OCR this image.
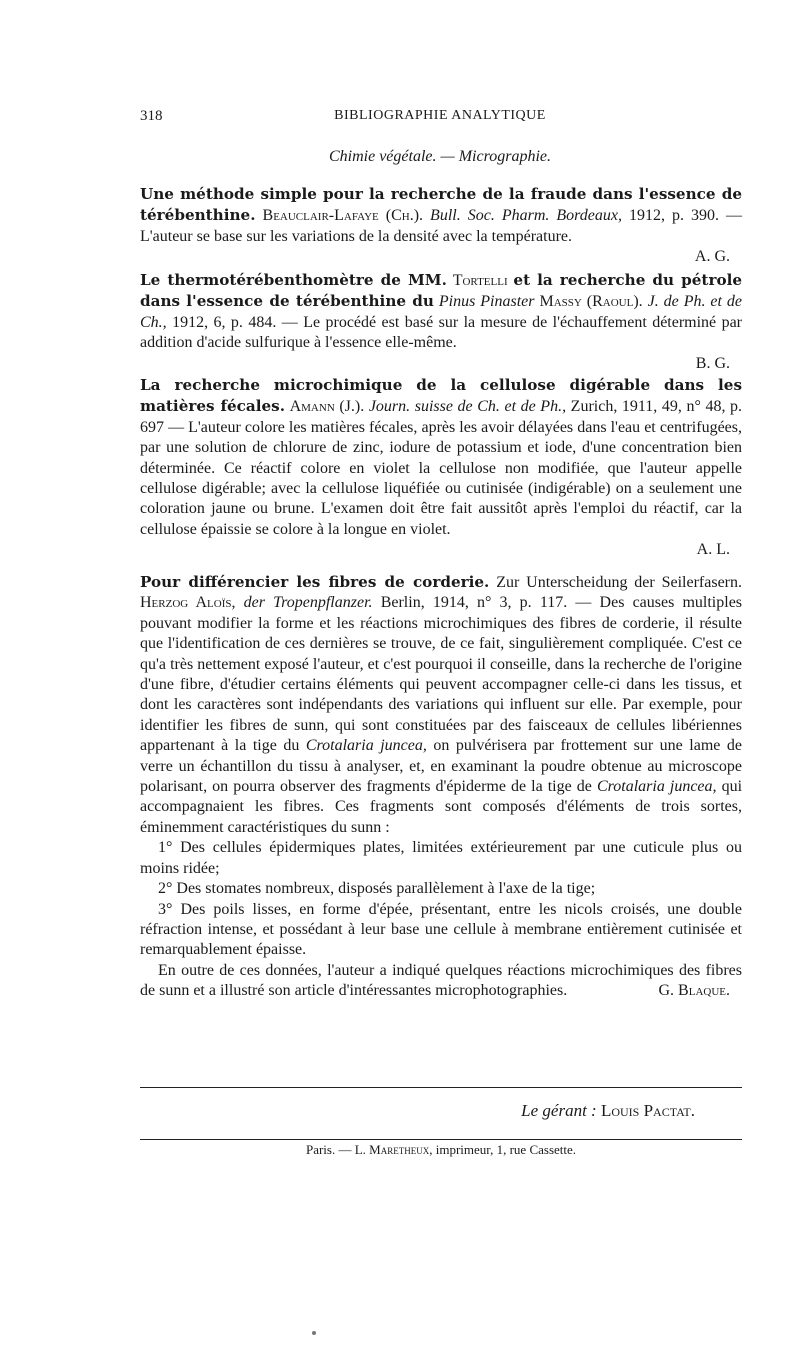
318	BIBLIOGRAPHIE ANALYTIQUE
Chimie végétale. — Micrographie.
Une méthode simple pour la recherche de la fraude dans l'essence de térébenthine. Beauclair-Lafaye (Ch.). Bull. Soc. Pharm. Bordeaux, 1912, p. 390. — L'auteur se base sur les variations de la densité avec la température.
A. G.
Le thermotérébenthomètre de MM. Tortelli et la recherche du pétrole dans l'essence de térébenthine du Pinus Pinaster Massy (Raoul). J. de Ph. et de Ch., 1912, 6, p. 484. — Le procédé est basé sur la mesure de l'échauffement déterminé par addition d'acide sulfurique à l'essence elle-même.
B. G.
La recherche microchimique de la cellulose digérable dans les matières fécales. Amann (J.). Journ. suisse de Ch. et de Ph., Zurich, 1911, 49, n° 48, p. 697 — L'auteur colore les matières fécales, après les avoir délayées dans l'eau et centrifugées, par une solution de chlorure de zinc, iodure de potassium et iode, d'une concentration bien déterminée. Ce réactif colore en violet la cellulose non modifiée, que l'auteur appelle cellulose digérable; avec la cellulose liquéfiée ou cutinisée (indigérable) on a seulement une coloration jaune ou brune. L'examen doit être fait aussitôt après l'emploi du réactif, car la cellulose épaissie se colore à la longue en violet.
A. L.
Pour différencier les fibres de corderie. Zur Unterscheidung der Seilerfasern. Herzog Aloïs, der Tropenpflanzer. Berlin, 1914, n° 3, p. 117. — Des causes multiples pouvant modifier la forme et les réactions microchimiques des fibres de corderie, il résulte que l'identification de ces dernières se trouve, de ce fait, singulièrement compliquée. C'est ce qu'a très nettement exposé l'auteur, et c'est pourquoi il conseille, dans la recherche de l'origine d'une fibre, d'étudier certains éléments qui peuvent accompagner celle-ci dans les tissus, et dont les caractères sont indépendants des variations qui influent sur elle. Par exemple, pour identifier les fibres de sunn, qui sont constituées par des faisceaux de cellules libériennes appartenant à la tige du Crotalaria juncea, on pulvérisera par frottement sur une lame de verre un échantillon du tissu à analyser, et, en examinant la poudre obtenue au microscope polarisant, on pourra observer des fragments d'épiderme de la tige de Crotalaria juncea, qui accompagnaient les fibres. Ces fragments sont composés d'éléments de trois sortes, éminemment caractéristiques du sunn :
1° Des cellules épidermiques plates, limitées extérieurement par une cuticule plus ou moins ridée;
2° Des stomates nombreux, disposés parallèlement à l'axe de la tige;
3° Des poils lisses, en forme d'épée, présentant, entre les nicols croisés, une double réfraction intense, et possédant à leur base une cellule à membrane entièrement cutinisée et remarquablement épaisse.
En outre de ces données, l'auteur a indiqué quelques réactions microchimiques des fibres de sunn et a illustré son article d'intéressantes microphotographies.	G. Blaque.
Le gérant : Louis Pactat.
Paris. — L. Maretheux, imprimeur, 1, rue Cassette.
